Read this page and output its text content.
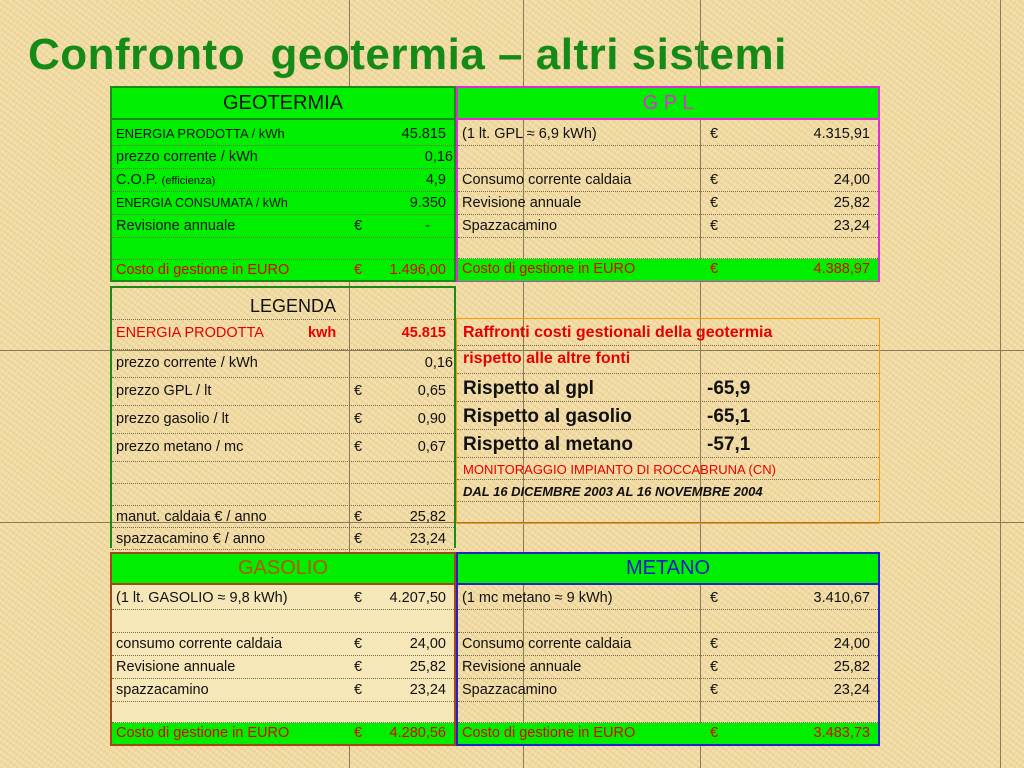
Confronto  geotermia – altri sistemi
GEOTERMIA
ENERGIA PRODOTTA / kWh	45.815
prezzo corrente / kWh	0,16
C.O.P. (efficienza)	4,9
ENERGIA CONSUMATA / kWh	9.350
Revisione annuale	€	-
Costo di gestione in EURO	€ 1.496,00
G P L
(1 lt. GPL ≈ 6,9 kWh)	€	4.315,91
Consumo corrente caldaia	€	24,00
Revisione annuale	€	25,82
Spazzacamino	€	23,24
Costo di gestione in EURO	€	4.388,97
LEGENDA
ENERGIA PRODOTTA	kwh	45.815
prezzo corrente / kWh	0,16
prezzo GPL / lt	€	0,65
prezzo gasolio / lt	€	0,90
prezzo metano / mc	€	0,67
manut. caldaia € / anno	€	25,82
spazzacamino € / anno	€	23,24
Raffronti costi gestionali della geotermia
rispetto alle altre fonti
Rispetto al gpl	-65,9
Rispetto al gasolio	-65,1
Rispetto al metano	-57,1
MONITORAGGIO IMPIANTO DI ROCCABRUNA (CN)
DAL 16 DICEMBRE 2003 AL 16 NOVEMBRE 2004
GASOLIO
(1 lt. GASOLIO ≈ 9,8 kWh)	€ 4.207,50
consumo corrente caldaia	€	24,00
Revisione annuale	€	25,82
spazzacamino	€	23,24
Costo di gestione in EURO	€ 4.280,56
METANO
(1 mc metano ≈ 9 kWh)	€	3.410,67
Consumo corrente caldaia	€	24,00
Revisione annuale	€	25,82
Spazzacamino	€	23,24
Costo di gestione in EURO	€	3.483,73
